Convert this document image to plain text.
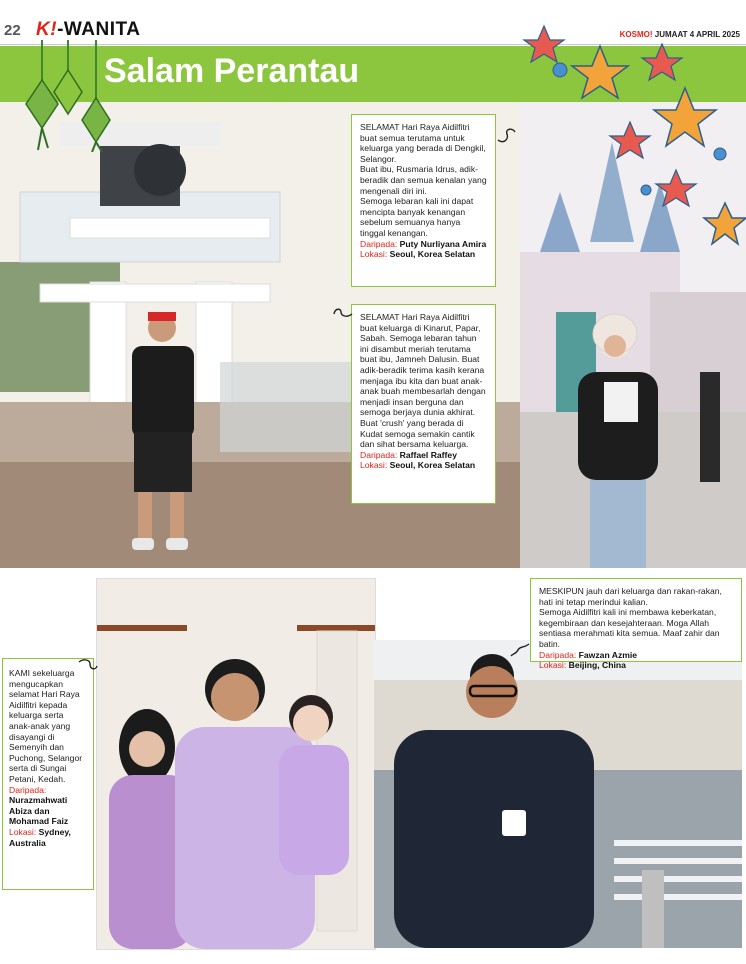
22 K!-WANITA	KOSMO! JUMAAT 4 APRIL 2025
Salam Perantau

SELAMAT Hari Raya Aidilfitri buat semua terutama untuk keluarga yang berada di Dengkil, Selangor.

Buat ibu, Rusmaria Idrus, adik-beradik dan semua kenalan yang mengenali diri ini.

Semoga lebaran kali ini dapat mencipta banyak kenangan sebelum semuanya hanya tinggal kenangan.

Daripada: Puty Nurliyana Amira

Lokasi: Seoul, Korea Selatan

SELAMAT Hari Raya Aidilfitri buat keluarga di Kinarut, Papar, Sabah. Semoga lebaran tahun ini disambut meriah terutama buat ibu, Jamneh Dalusin. Buat adik-beradik terima kasih kerana menjaga ibu kita dan buat anak-anak buah membesarlah dengan menjadi insan berguna dan semoga berjaya dunia akhirat. Buat 'crush' yang berada di Kudat semoga semakin cantik dan sihat bersama keluarga.

Daripada: Raffael Raffey

Lokasi: Seoul, Korea Selatan

KAMI sekeluarga mengucapkan selamat Hari Raya Aidilfitri kepada keluarga serta anak-anak yang disayangi di Semenyih dan Puchong, Selangor serta di Sungai Petani, Kedah.

Daripada:
Nurazmahwati Abiza dan Mohamad Faiz

Lokasi: Sydney, Australia

MESKIPUN jauh dari keluarga dan rakan-rakan, hati ini tetap merindui kalian.

Semoga Aidilfitri kali ini membawa keberkatan, kegembiraan dan kesejahteraan. Moga Allah sentiasa merahmati kita semua. Maaf zahir dan batin.

Daripada: Fawzan Azmie

Lokasi: Beijing, China
